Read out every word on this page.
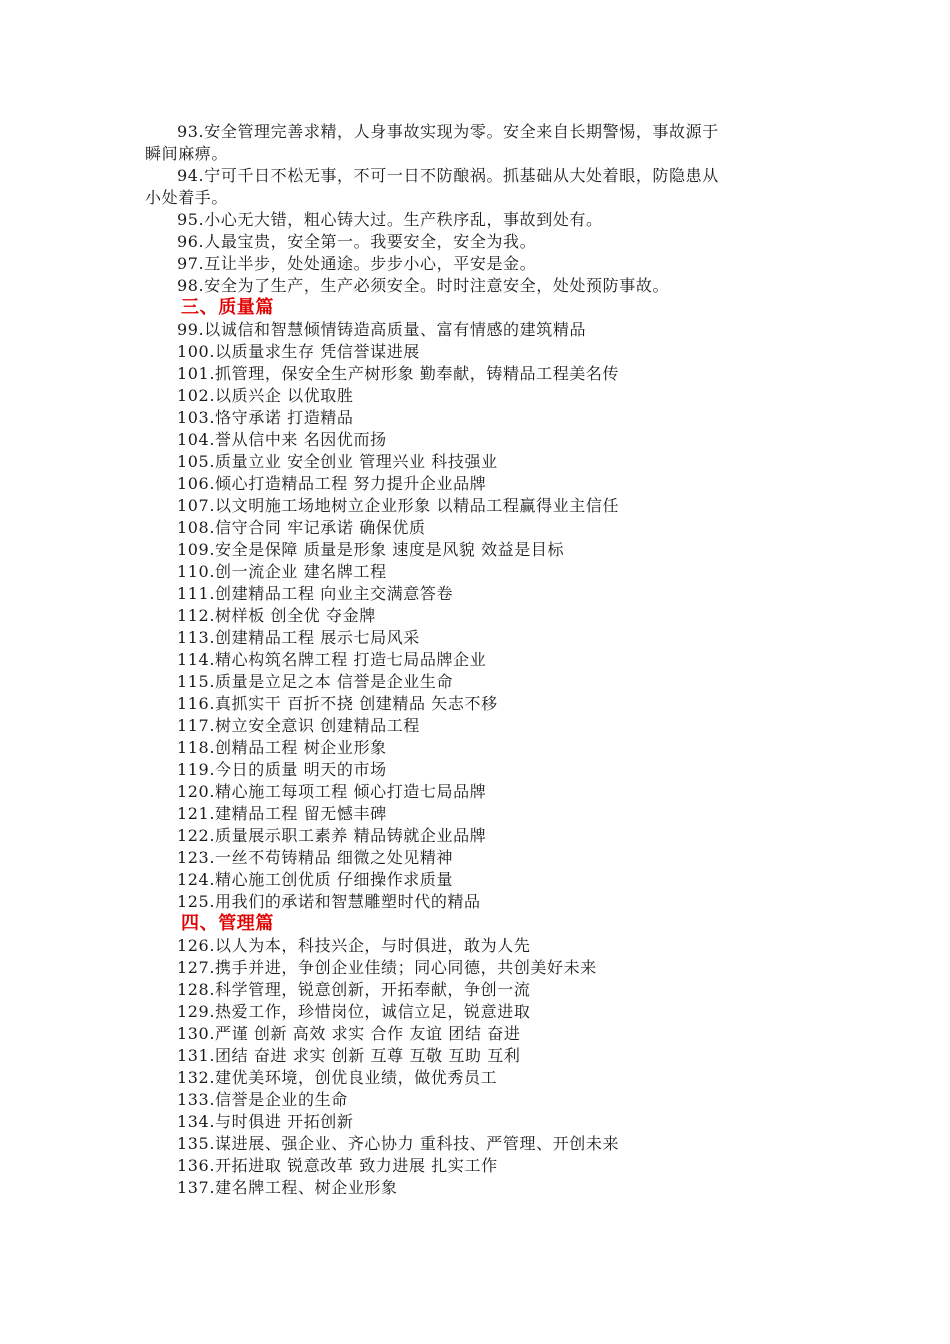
93.安全管理完善求精，人身事故实现为零。安全来自长期警惕，事故源于
瞬间麻痹。
94.宁可千日不松无事，不可一日不防酿祸。抓基础从大处着眼，防隐患从
小处着手。
95.小心无大错，粗心铸大过。生产秩序乱，事故到处有。
96.人最宝贵，安全第一。我要安全，安全为我。
97.互让半步，处处通途。步步小心，平安是金。
98.安全为了生产，生产必须安全。时时注意安全，处处预防事故。
三、质量篇
99.以诚信和智慧倾情铸造高质量、富有情感的建筑精品
100.以质量求生存 凭信誉谋进展
101.抓管理，保安全生产树形象 勤奉献，铸精品工程美名传
102.以质兴企 以优取胜
103.恪守承诺 打造精品
104.誉从信中来 名因优而扬
105.质量立业 安全创业 管理兴业 科技强业
106.倾心打造精品工程 努力提升企业品牌
107.以文明施工场地树立企业形象 以精品工程赢得业主信任
108.信守合同 牢记承诺 确保优质
109.安全是保障 质量是形象 速度是风貌 效益是目标
110.创一流企业 建名牌工程
111.创建精品工程 向业主交满意答卷
112.树样板 创全优 夺金牌
113.创建精品工程 展示七局风采
114.精心构筑名牌工程 打造七局品牌企业
115.质量是立足之本 信誉是企业生命
116.真抓实干 百折不挠 创建精品 矢志不移
117.树立安全意识 创建精品工程
118.创精品工程 树企业形象
119.今日的质量 明天的市场
120.精心施工每项工程 倾心打造七局品牌
121.建精品工程 留无憾丰碑
122.质量展示职工素养 精品铸就企业品牌
123.一丝不苟铸精品 细微之处见精神
124.精心施工创优质 仔细操作求质量
125.用我们的承诺和智慧雕塑时代的精品
四、管理篇
126.以人为本，科技兴企，与时俱进，敢为人先
127.携手并进，争创企业佳绩；同心同德，共创美好未来
128.科学管理，锐意创新，开拓奉献，争创一流
129.热爱工作，珍惜岗位，诚信立足，锐意进取
130.严谨 创新 高效 求实 合作 友谊 团结 奋进
131.团结 奋进 求实 创新 互尊 互敬 互助 互利
132.建优美环境，创优良业绩，做优秀员工
133.信誉是企业的生命
134.与时俱进 开拓创新
135.谋进展、强企业、齐心协力 重科技、严管理、开创未来
136.开拓进取 锐意改革 致力进展 扎实工作
137.建名牌工程、树企业形象
